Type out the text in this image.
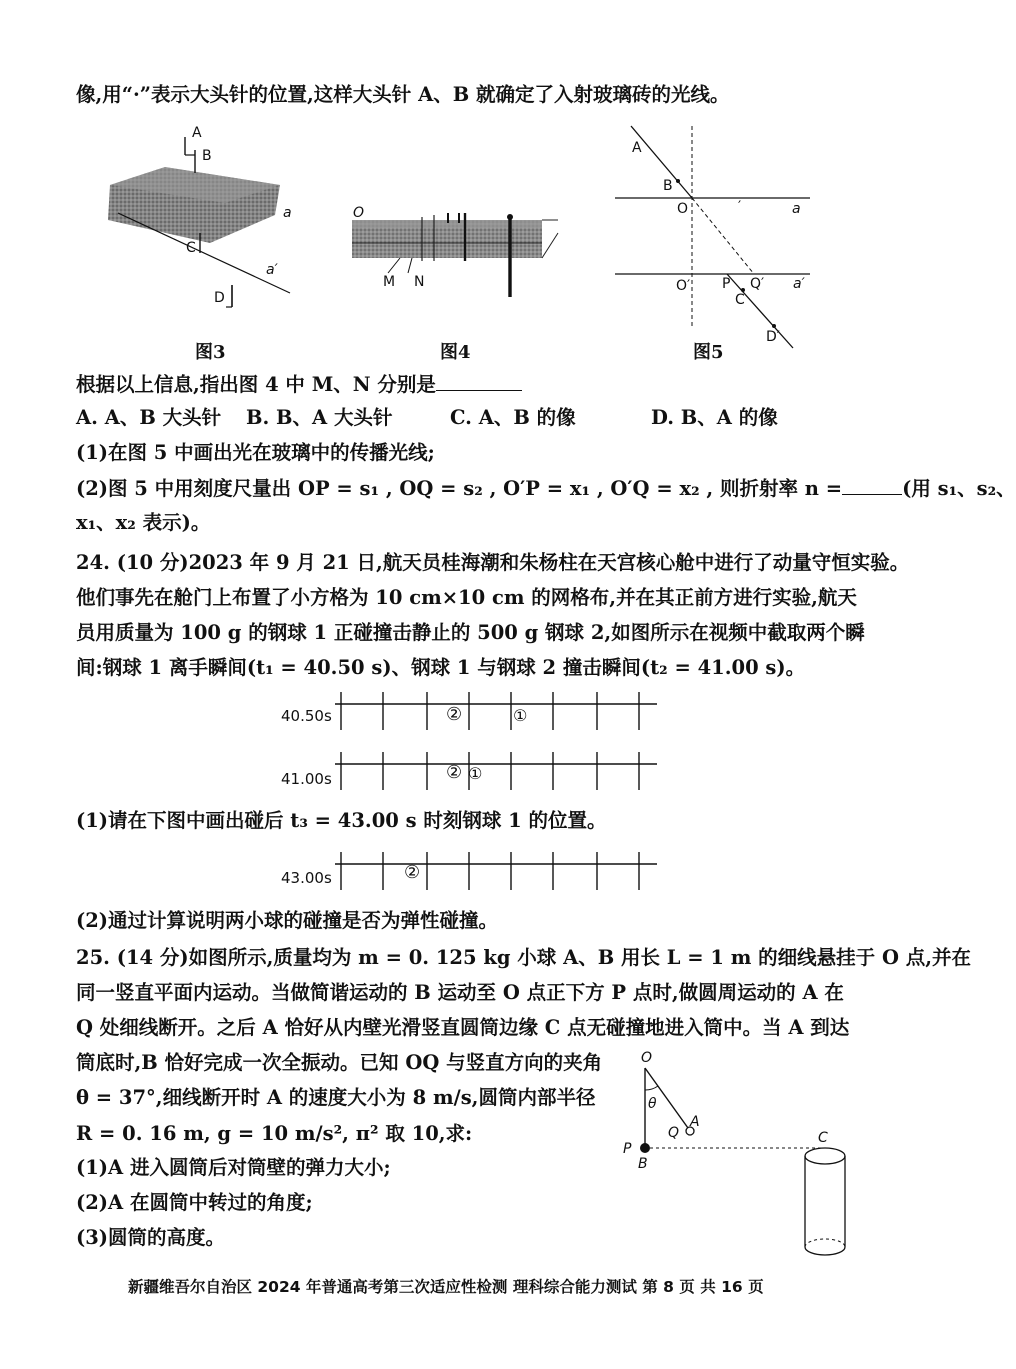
像,用“·”表示大头针的位置,这样大头针 A、B 就确定了入射玻璃砖的光线。
A
B
a
C
a′
D
图3
O
M N
图4
A
B
O	′	a
O′ P Q′ a′
C
D′
图5
根据以上信息,指出图 4 中 M、N 分别是
A. A、B 大头针 B. B、A 大头针	C. A、B 的像	D. B、A 的像
(1)在图 5 中画出光在玻璃中的传播光线;
(2)图 5 中用刻度尺量出 OP = s₁ , OQ = s₂ , O′P = x₁ , O′Q = x₂ , 则折射率 n =	(用 s₁、s₂、
x₁、x₂ 表示)。
24. (10 分)2023 年 9 月 21 日,航天员桂海潮和朱杨柱在天宫核心舱中进行了动量守恒实验。
他们事先在舱门上布置了小方格为 10 cm×10 cm 的网格布,并在其正前方进行实验,航天
员用质量为 100 g 的钢球 1 正碰撞击静止的 500 g 钢球 2,如图所示在视频中截取两个瞬
间:钢球 1 离手瞬间(t₁ = 40.50 s)、钢球 1 与钢球 2 撞击瞬间(t₂ = 41.00 s)。
40.50s	②	①
41.00s	② ①
(1)请在下图中画出碰后 t₃ = 43.00 s 时刻钢球 1 的位置。
43.00s	②
(2)通过计算说明两小球的碰撞是否为弹性碰撞。
25. (14 分)如图所示,质量均为 m = 0. 125 kg 小球 A、B 用长 L = 1 m 的细线悬挂于 O 点,并在
同一竖直平面内运动。当做简谐运动的 B 运动至 O 点正下方 P 点时,做圆周运动的 A 在
Q 处细线断开。之后 A 恰好从内壁光滑竖直圆筒边缘 C 点无碰撞地进入筒中。当 A 到达
筒底时,B 恰好完成一次全振动。已知 OQ 与竖直方向的夹角
θ = 37°,细线断开时 A 的速度大小为 8 m/s,圆筒内部半径
R = 0. 16 m, g = 10 m/s², π² 取 10,求:
(1)A 进入圆筒后对筒壁的弹力大小;
(2)A 在圆筒中转过的角度;
(3)圆筒的高度。
O
θ
Q
A
P
B
C
新疆维吾尔自治区 2024 年普通高考第三次适应性检测 理科综合能力测试 第 8 页 共 16 页
